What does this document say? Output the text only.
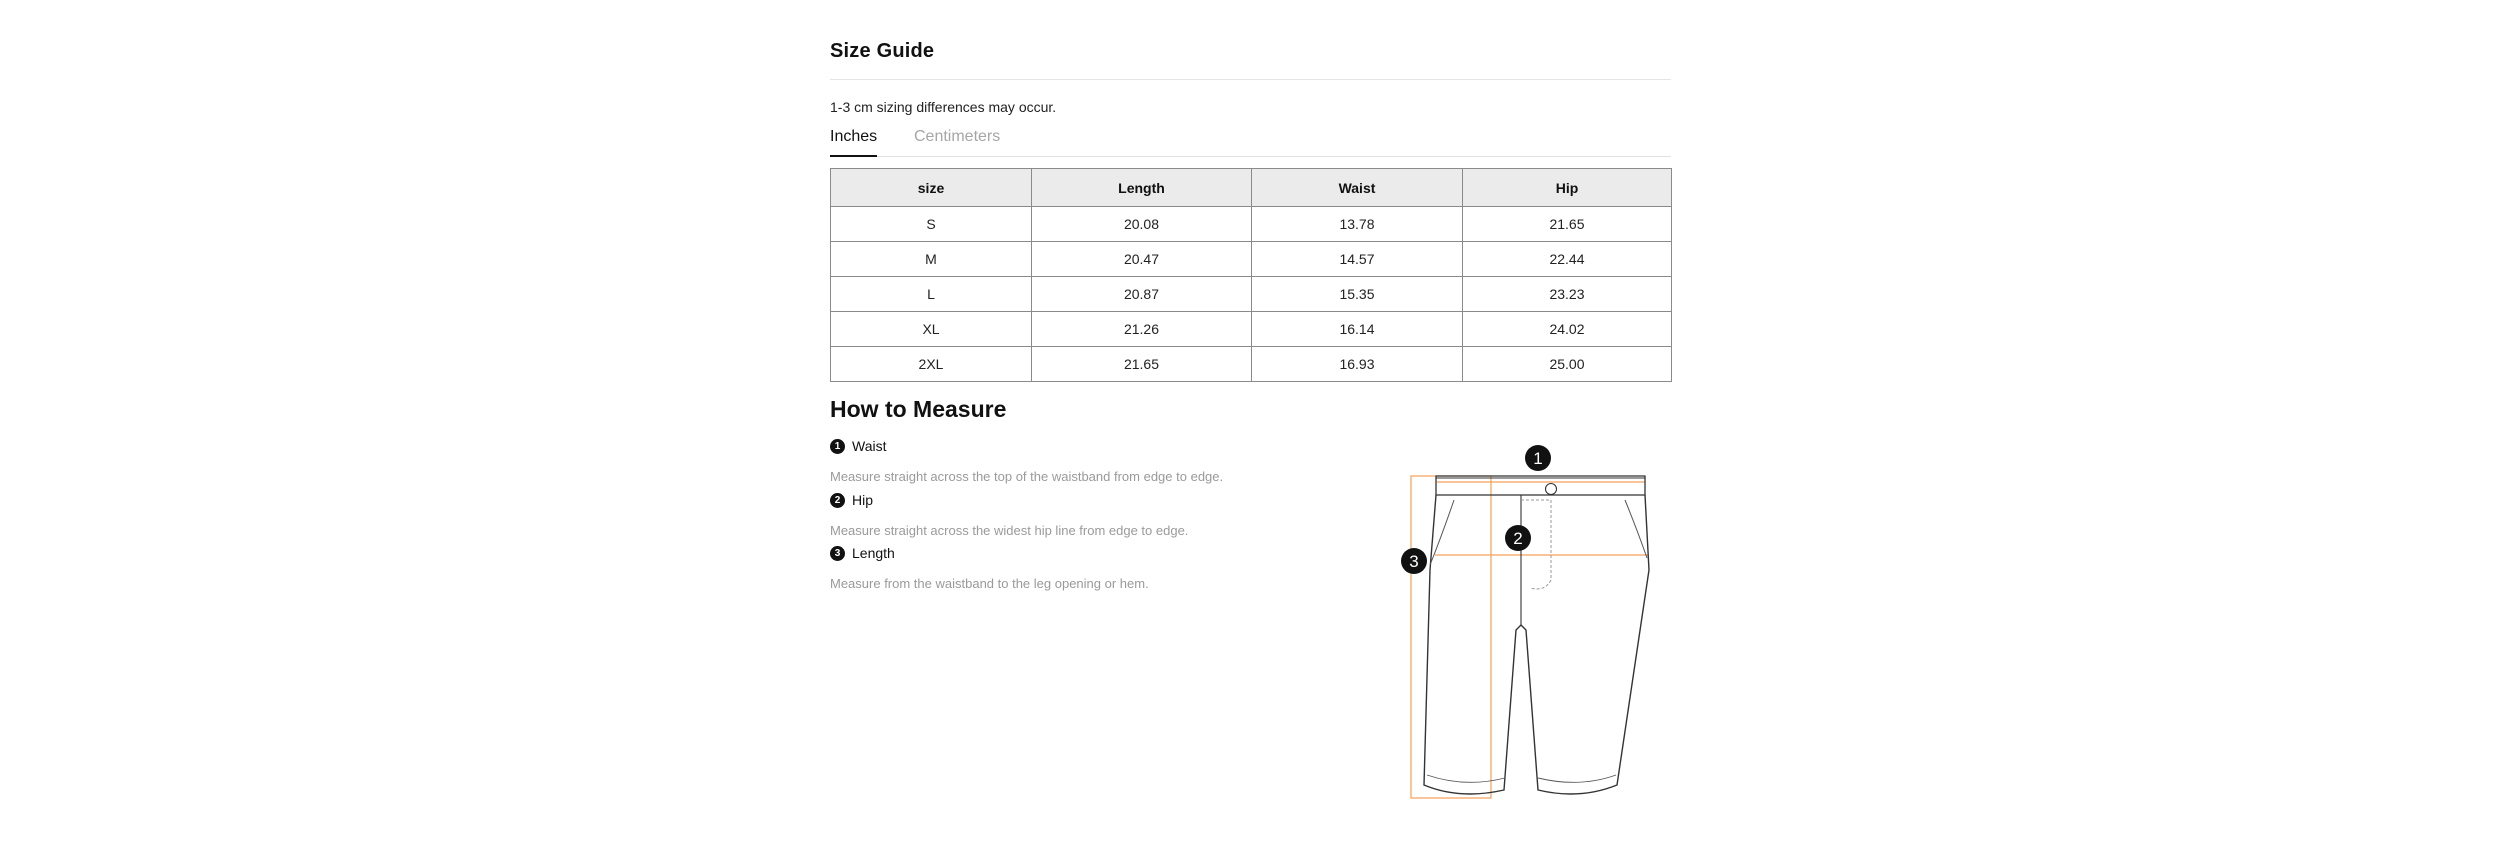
Size Guide
1-3 cm sizing differences may occur.
Inches Centimeters
size	Length	Waist	Hip
S	20.08	13.78	21.65
M	20.47	14.57	22.44
L	20.87	15.35	23.23
XL	21.26	16.14	24.02
2XL	21.65	16.93	25.00
How to Measure
1 Waist
Measure straight across the top of the waistband from edge to edge.
2 Hip
Measure straight across the widest hip line from edge to edge.
3 Length
Measure from the waistband to the leg opening or hem.
1
2
3
